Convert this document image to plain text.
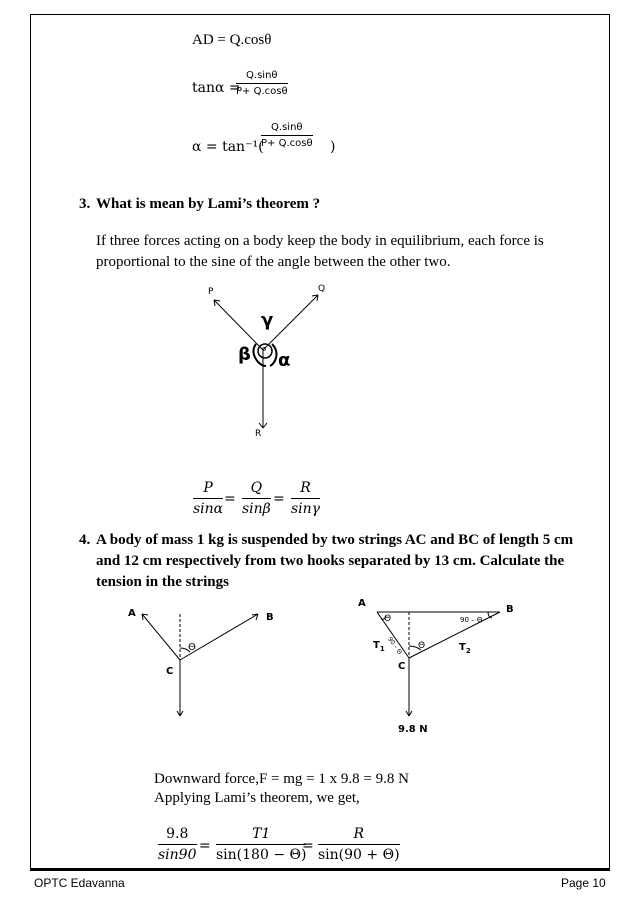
AD = Q.cosθ
tanα =
Q.sinθ
P+ Q.cosθ
α = tan⁻¹(
Q.sinθ
P+ Q.cosθ )
3. What is mean by Lami’s theorem ?
If three forces acting on a body keep the body in equilibrium, each force is
proportional to the sine of the angle between the other two.
P	Q
R
γ
β α
o
P
sinα
=
Q
sinβ
=
R
sinγ
4. A body of mass 1 kg is suspended by two strings AC and BC of length 5 cm
and 12 cm respectively from two hooks separated by 13 cm. Calculate the
tension in the strings
A	B
C
Θ
A
B
C
Θ
Θ
90 – Θ
90 – Θ
$T_1$	$T_2$
9.8 N
Downward force,F = mg = 1 x 9.8 = 9.8 N
Applying Lami’s theorem, we get,
9.8
sin90
=
T1
sin(180 − Θ)
=
R
sin(90 + Θ)
OPTC Edavanna	Page 10
